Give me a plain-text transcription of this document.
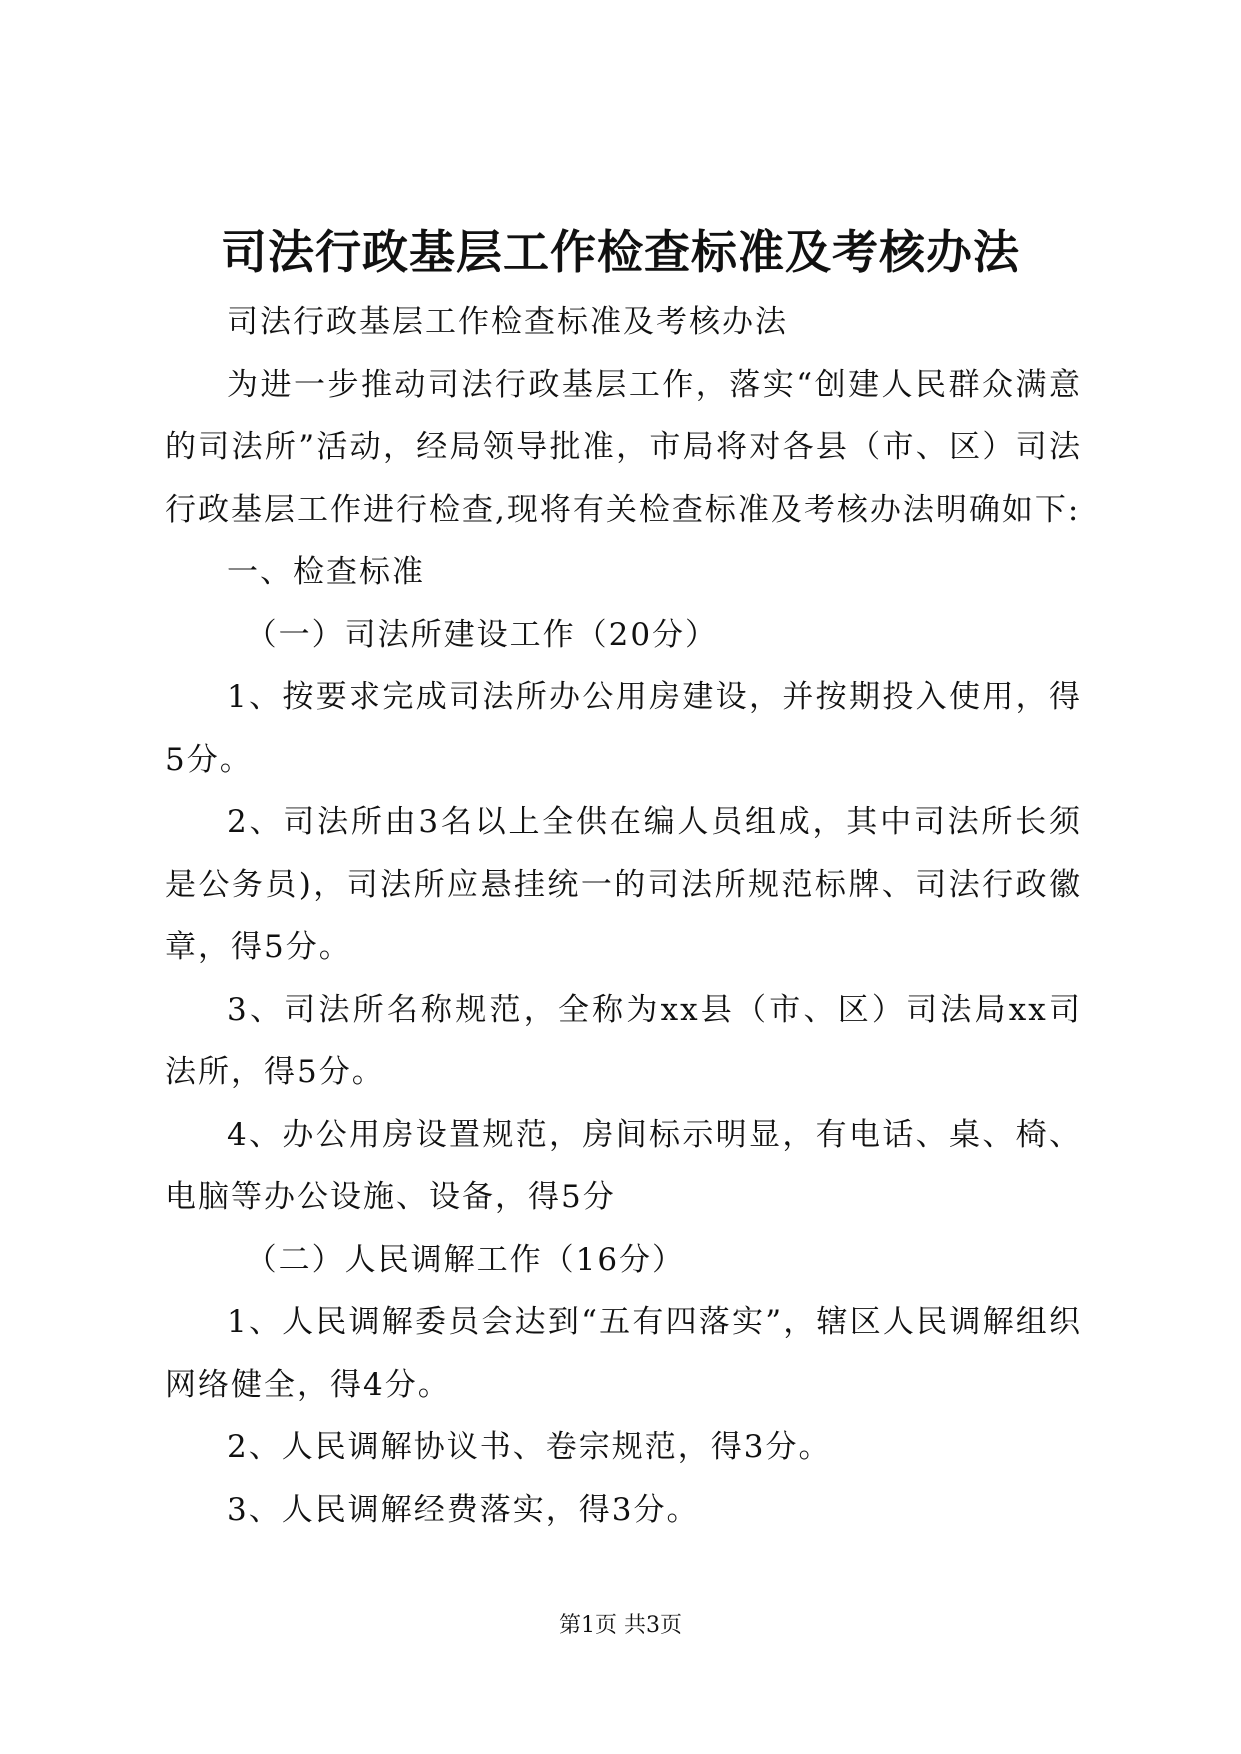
司法行政基层工作检查标准及考核办法

司法行政基层工作检查标准及考核办法

为进一步推动司法行政基层工作，落实“创建人民群众满意的司法所”活动，经局领导批准，市局将对各县（市、区）司法行政基层工作进行检查,现将有关检查标准及考核办法明确如下:

一、检查标准

（一）司法所建设工作（20分）

1、按要求完成司法所办公用房建设，并按期投入使用，得5分。

2、司法所由3名以上全供在编人员组成，其中司法所长须是公务员)，司法所应悬挂统一的司法所规范标牌、司法行政徽章，得5分。

3、司法所名称规范，全称为xx县（市、区）司法局xx司法所，得5分。

4、办公用房设置规范，房间标示明显，有电话、桌、椅、电脑等办公设施、设备，得5分

（二）人民调解工作（16分）

1、人民调解委员会达到“五有四落实”，辖区人民调解组织网络健全，得4分。

2、人民调解协议书、卷宗规范，得3分。

3、人民调解经费落实，得3分。

第1页 共3页
